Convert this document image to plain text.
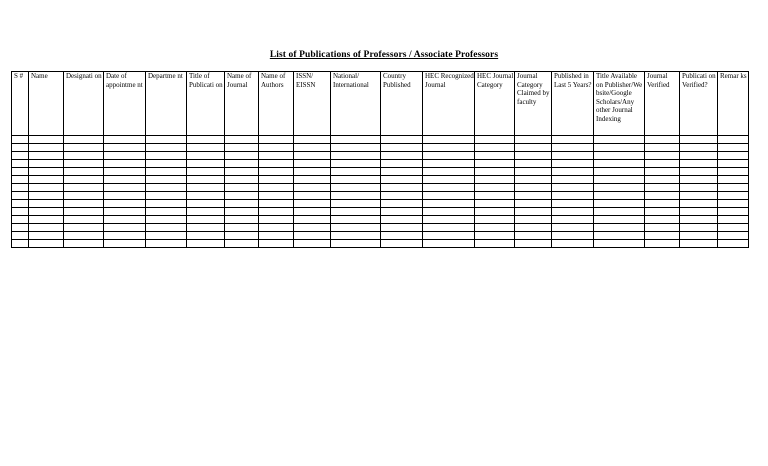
List of Publications of Professors / Associate Professors
S #	Name	Designati on	Date of appointme nt	Departme nt	Title of Publicati on	Name of Journal	Name of Authors	ISSN/ EISSN	National/ International	Country Published	HEC Recognized Journal	HEC Journal Category	Journal Category Claimed by faculty	Published in Last 5 Years?	Title Available on Publisher/We bsite/Google Scholars/Any other Journal Indexing	Journal Verified	Publicati on Verified?	Remar ks
